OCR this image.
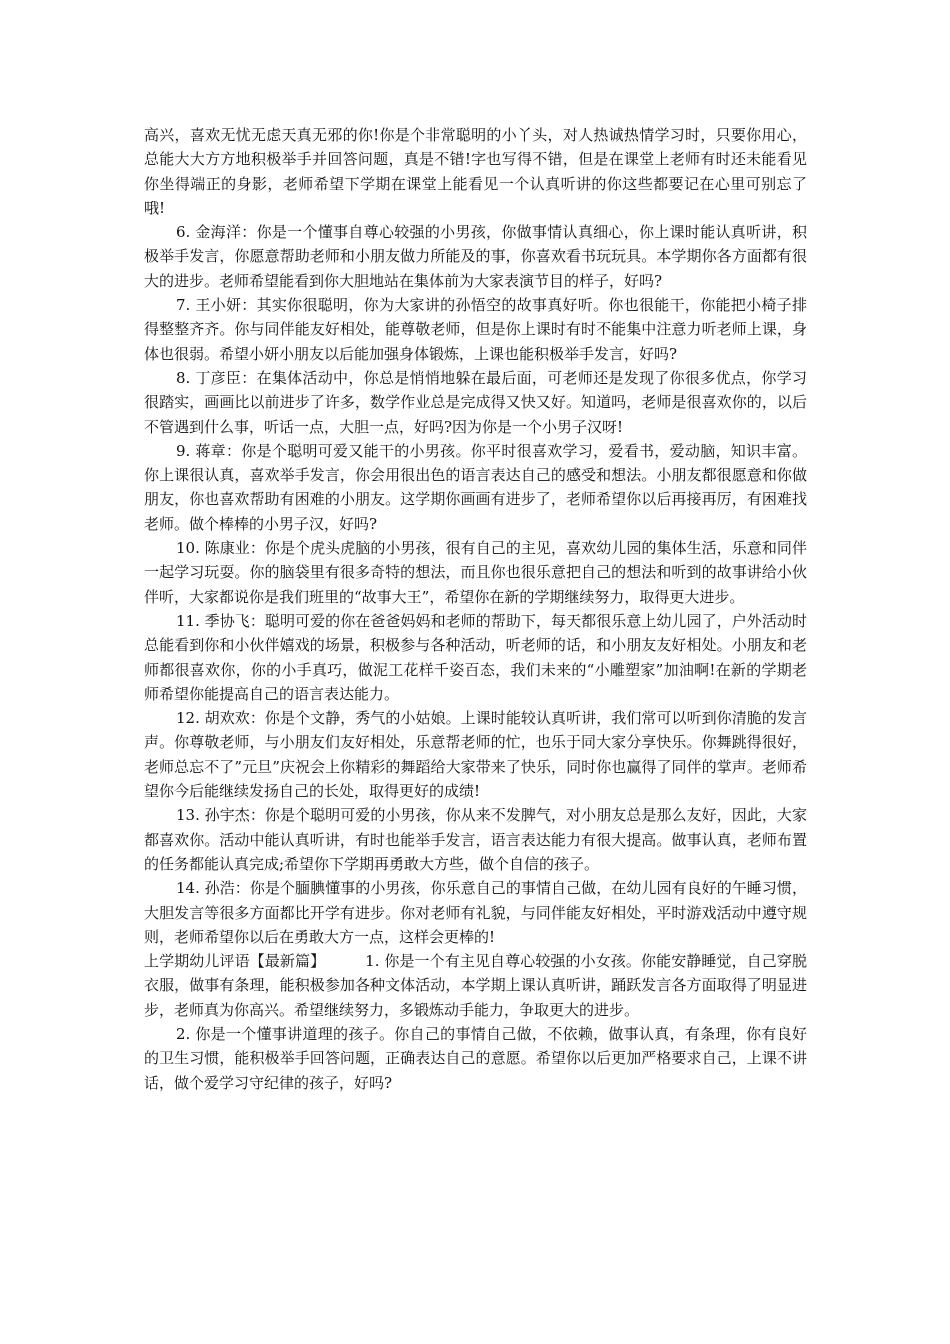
高兴，喜欢无忧无虑天真无邪的你!你是个非常聪明的小丫头，对人热诚热情学习时，只要你用心，总能大大方方地积极举手并回答问题，真是不错!字也写得不错，但是在课堂上老师有时还未能看见你坐得端正的身影，老师希望下学期在课堂上能看见一个认真听讲的你这些都要记在心里可别忘了哦!

6. 金海洋：你是一个懂事自尊心较强的小男孩，你做事情认真细心，你上课时能认真听讲，积极举手发言，你愿意帮助老师和小朋友做力所能及的事，你喜欢看书玩玩具。本学期你各方面都有很大的进步。老师希望能看到你大胆地站在集体前为大家表演节目的样子，好吗?

7. 王小妍：其实你很聪明，你为大家讲的孙悟空的故事真好听。你也很能干，你能把小椅子排得整整齐齐。你与同伴能友好相处，能尊敬老师，但是你上课时有时不能集中注意力听老师上课，身体也很弱。希望小妍小朋友以后能加强身体锻炼，上课也能积极举手发言，好吗?

8. 丁彦臣：在集体活动中，你总是悄悄地躲在最后面，可老师还是发现了你很多优点，你学习很踏实，画画比以前进步了许多，数学作业总是完成得又快又好。知道吗，老师是很喜欢你的，以后不管遇到什么事，听话一点，大胆一点，好吗?因为你是一个小男子汉呀!

9. 蒋章：你是个聪明可爱又能干的小男孩。你平时很喜欢学习，爱看书，爱动脑，知识丰富。你上课很认真，喜欢举手发言，你会用很出色的语言表达自己的感受和想法。小朋友都很愿意和你做朋友，你也喜欢帮助有困难的小朋友。这学期你画画有进步了，老师希望你以后再接再厉，有困难找老师。做个棒棒的小男子汉，好吗?

10. 陈康业：你是个虎头虎脑的小男孩，很有自己的主见，喜欢幼儿园的集体生活，乐意和同伴一起学习玩耍。你的脑袋里有很多奇特的想法，而且你也很乐意把自己的想法和听到的故事讲给小伙伴听，大家都说你是我们班里的“故事大王”，希望你在新的学期继续努力，取得更大进步。

11. 季协飞：聪明可爱的你在爸爸妈妈和老师的帮助下，每天都很乐意上幼儿园了，户外活动时总能看到你和小伙伴嬉戏的场景，积极参与各种活动，听老师的话，和小朋友友好相处。小朋友和老师都很喜欢你，你的小手真巧，做泥工花样千姿百态，我们未来的“小雕塑家”加油啊!在新的学期老师希望你能提高自己的语言表达能力。

12. 胡欢欢：你是个文静，秀气的小姑娘。上课时能较认真听讲，我们常可以听到你清脆的发言声。你尊敬老师，与小朋友们友好相处，乐意帮老师的忙，也乐于同大家分享快乐。你舞跳得很好，老师总忘不了”元旦”庆祝会上你精彩的舞蹈给大家带来了快乐，同时你也赢得了同伴的掌声。老师希望你今后能继续发扬自己的长处，取得更好的成绩!

13. 孙宇杰：你是个聪明可爱的小男孩，你从来不发脾气，对小朋友总是那么友好，因此，大家都喜欢你。活动中能认真听讲，有时也能举手发言，语言表达能力有很大提高。做事认真，老师布置的任务都能认真完成;希望你下学期再勇敢大方些，做个自信的孩子。

14. 孙浩：你是个腼腆懂事的小男孩，你乐意自己的事情自己做，在幼儿园有良好的午睡习惯，大胆发言等很多方面都比开学有进步。你对老师有礼貌，与同伴能友好相处，平时游戏活动中遵守规则，老师希望你以后在勇敢大方一点，这样会更棒的!

上学期幼儿评语【最新篇】	1. 你是一个有主见自尊心较强的小女孩。你能安静睡觉，自己穿脱衣服，做事有条理，能积极参加各种文体活动，本学期上课认真听讲，踊跃发言各方面取得了明显进步，老师真为你高兴。希望继续努力，多锻炼动手能力，争取更大的进步。

2. 你是一个懂事讲道理的孩子。你自己的事情自己做，不依赖，做事认真，有条理，你有良好的卫生习惯，能积极举手回答问题，正确表达自己的意愿。希望你以后更加严格要求自己，上课不讲话，做个爱学习守纪律的孩子，好吗?
